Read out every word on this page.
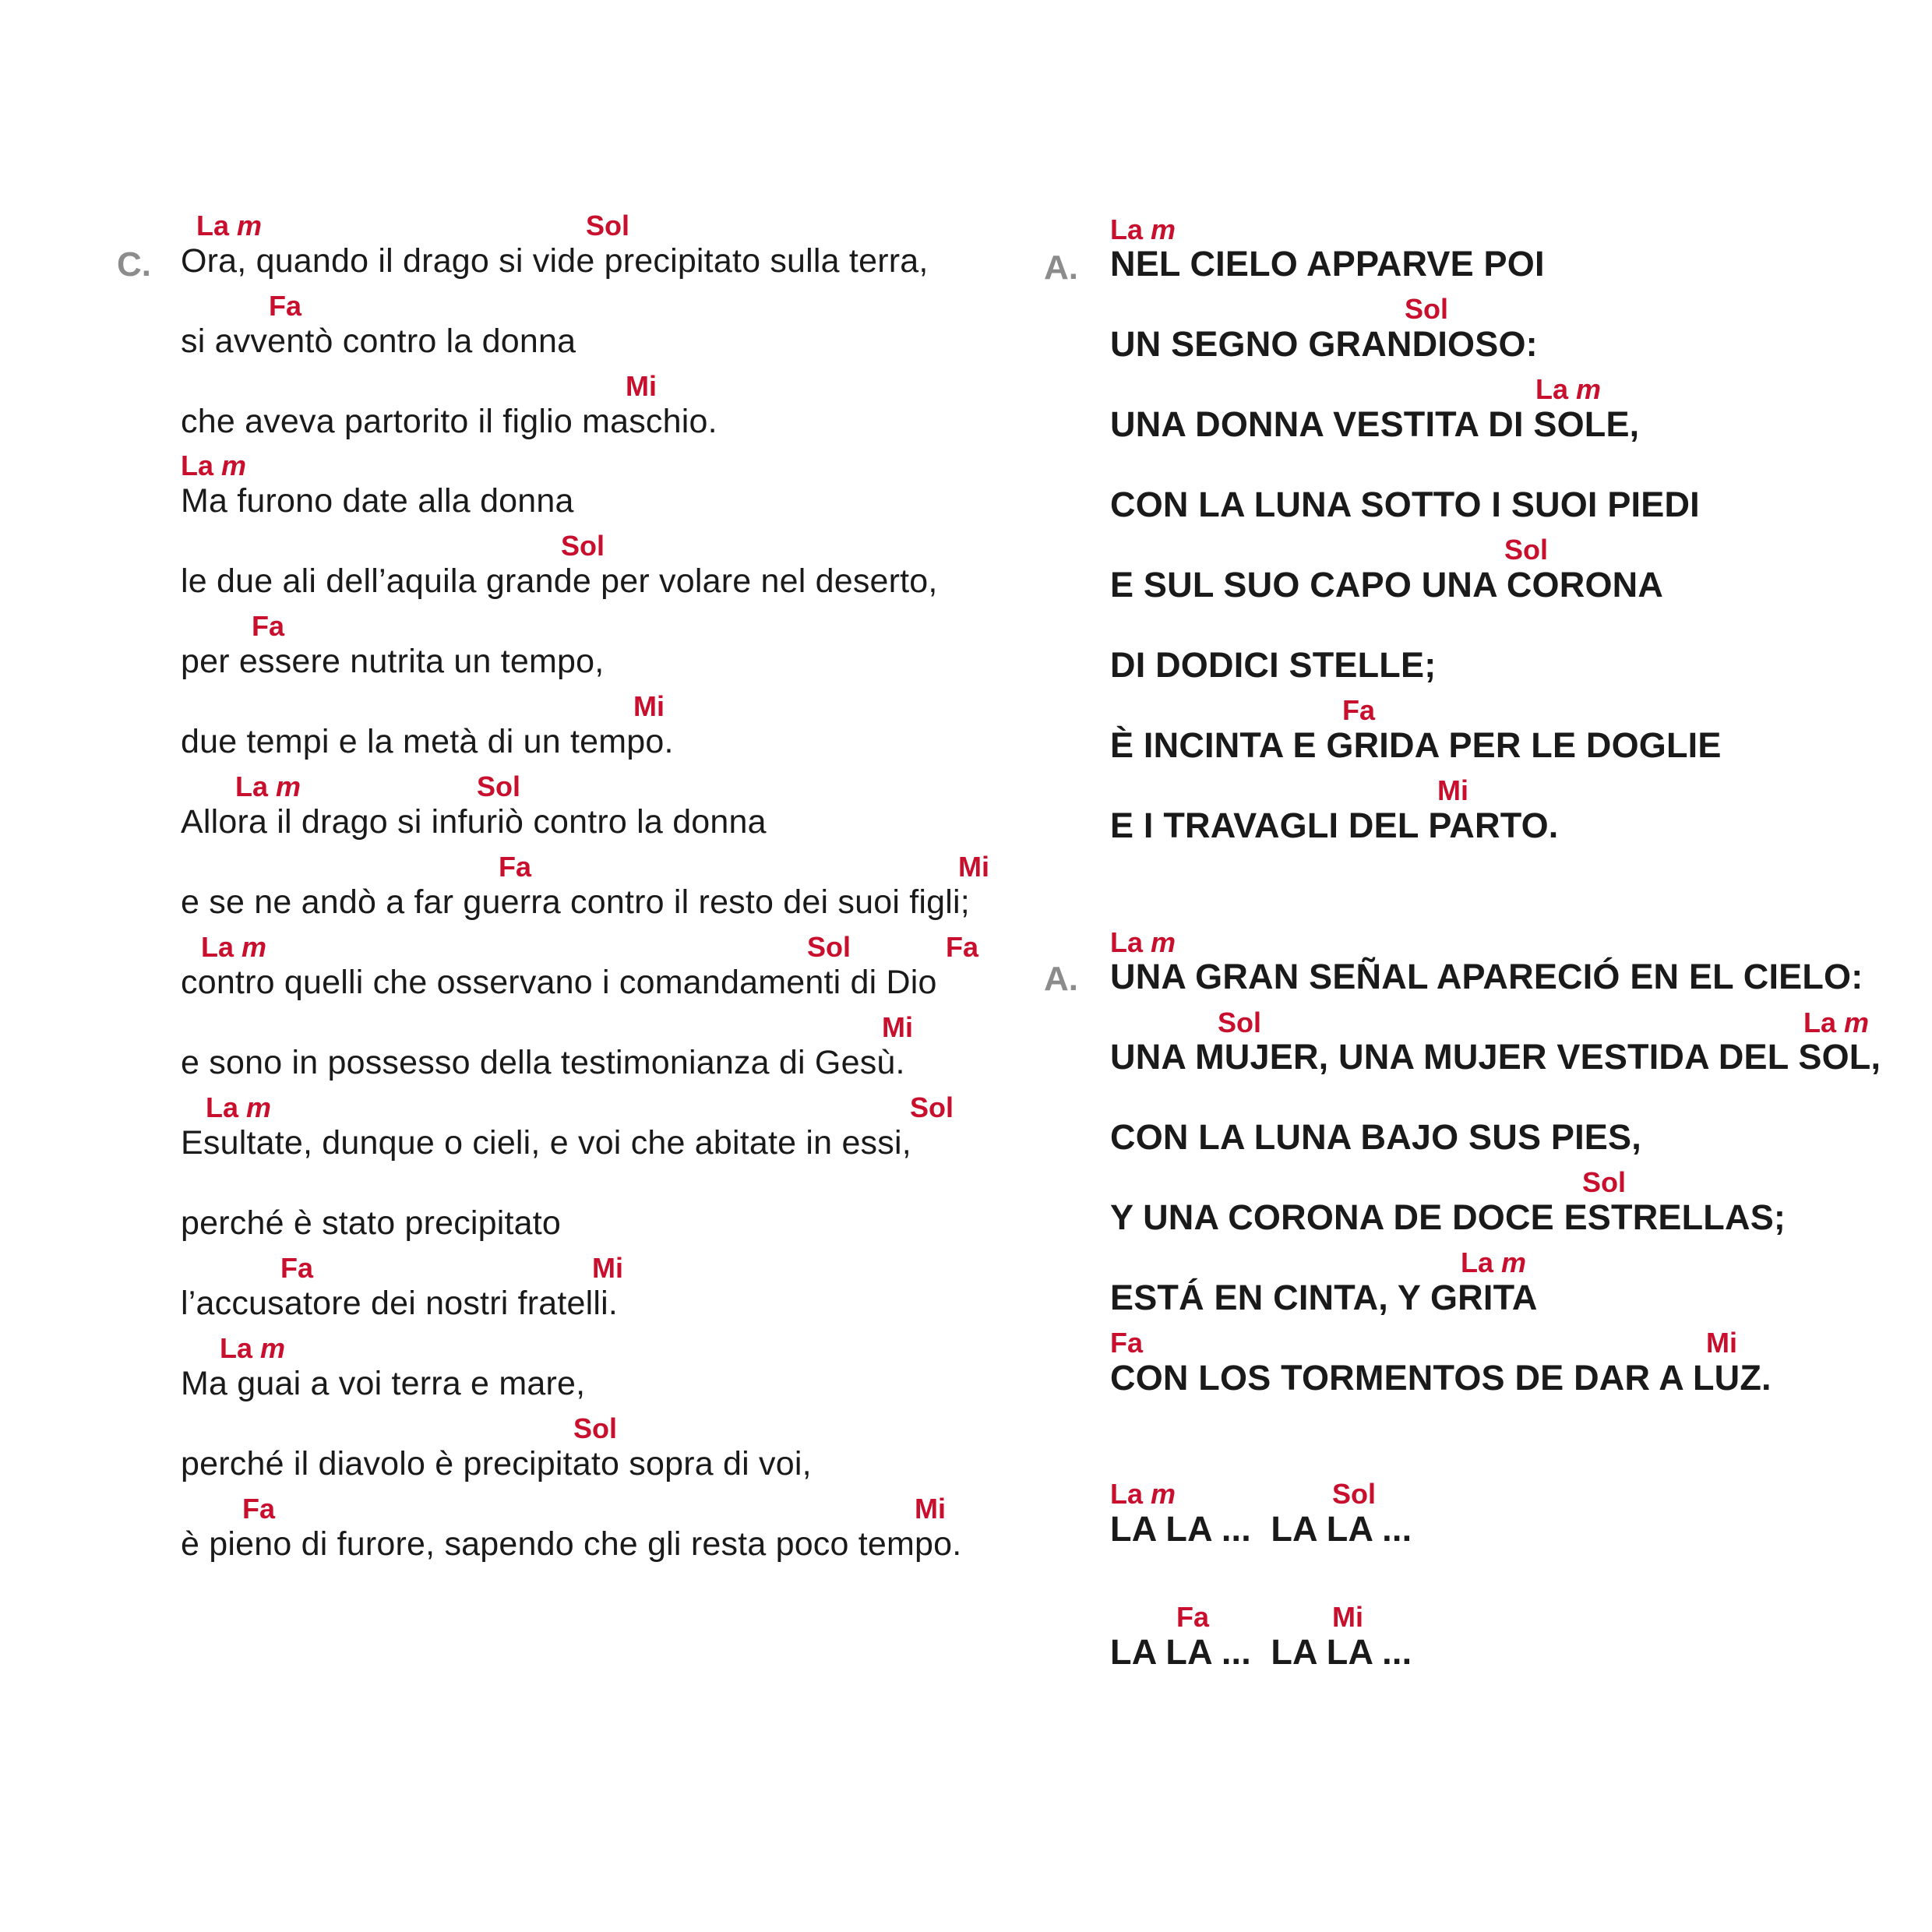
C.
La m	Sol
Ora, quando il drago si vide precipitato sulla terra,
Fa
si avventò contro la donna
Mi
che aveva partorito il figlio maschio.
La m
Ma furono date alla donna
Sol
le due ali dell’aquila grande per volare nel deserto,
Fa
per essere nutrita un tempo,
Mi
due tempi e la metà di un tempo.
La m	Sol
Allora il drago si infuriò contro la donna
Fa	Mi
e se ne andò a far guerra contro il resto dei suoi figli;
La m	Sol	Fa
contro quelli che osservano i comandamenti di Dio
Mi
e sono in possesso della testimonianza di Gesù.
La m	Sol
Esultate, dunque o cieli, e voi che abitate in essi,
perché è stato precipitato
Fa	Mi
l’accusatore dei nostri fratelli.
La m
Ma guai a voi terra e mare,
Sol
perché il diavolo è precipitato sopra di voi,
Fa	Mi
è pieno di furore, sapendo che gli resta poco tempo.
A.
La m
NEL CIELO APPARVE POI
Sol
UN SEGNO GRANDIOSO:
La m
UNA DONNA VESTITA DI SOLE,
CON LA LUNA SOTTO I SUOI PIEDI
Sol
E SUL SUO CAPO UNA CORONA
DI DODICI STELLE;
Fa
È INCINTA E GRIDA PER LE DOGLIE
Mi
E I TRAVAGLI DEL PARTO.
A.
La m
UNA GRAN SEÑAL APARECIÓ EN EL CIELO:
Sol	La m
UNA MUJER, UNA MUJER VESTIDA DEL SOL,
CON LA LUNA BAJO SUS PIES,
Sol
Y UNA CORONA DE DOCE ESTRELLAS;
La m
ESTÁ EN CINTA, Y GRITA
Fa	Mi
CON LOS TORMENTOS DE DAR A LUZ.
La m	Sol
LA LA ...  LA LA ...
Fa	Mi
LA LA ...  LA LA ...
